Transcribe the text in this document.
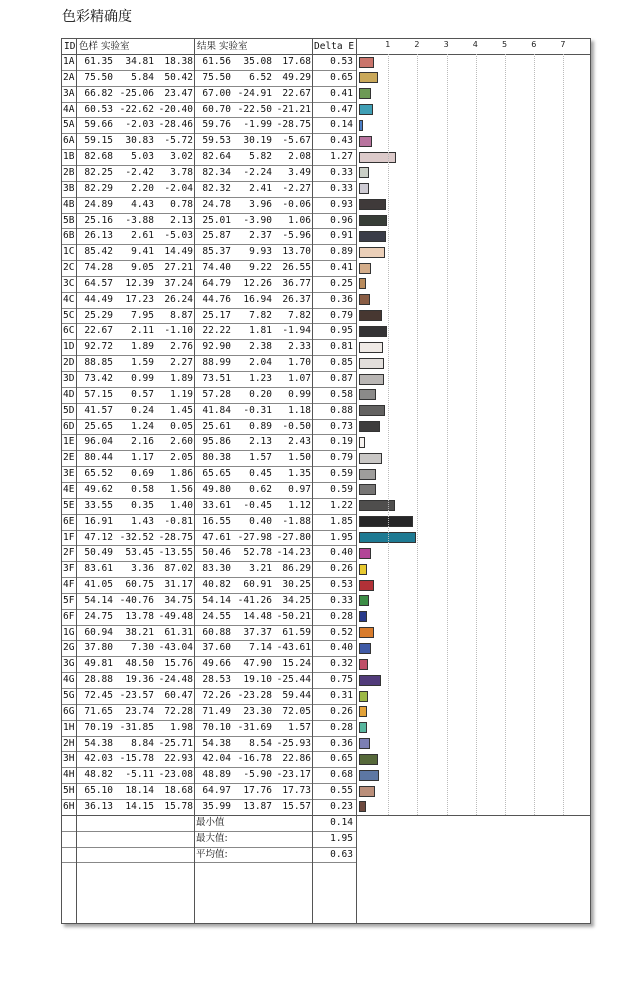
色彩精确度
ID 色样 实验室	结果 实验室	Delta E
1A	61.35	34.81	18.38 61.56	35.08	17.68	0.53
2A	75.50	5.84	50.42 75.50	6.52	49.29	0.65
3A	66.82 -25.06	23.47 67.00 -24.91	22.67	0.41
4A	60.53 -22.62 -20.40 60.70 -22.50 -21.21	0.47
5A	59.66	-2.03 -28.46 59.76	-1.99 -28.75	0.14
6A	59.15	30.83	-5.72 59.53	30.19	-5.67	0.43
1B	82.68	5.03	3.02 82.64	5.82	2.08	1.27
2B	82.25	-2.42	3.78 82.34	-2.24	3.49	0.33
3B	82.29	2.20	-2.04 82.32	2.41	-2.27	0.33
4B	24.89	4.43	0.78 24.78	3.96	-0.06	0.93
5B	25.16	-3.88	2.13 25.01	-3.90	1.06	0.96
6B	26.13	2.61	-5.03 25.87	2.37	-5.96	0.91
1C	85.42	9.41	14.49 85.37	9.93	13.70	0.89
2C	74.28	9.05	27.21 74.40	9.22	26.55	0.41
3C	64.57	12.39	37.24 64.79	12.26	36.77	0.25
4C	44.49	17.23	26.24 44.76	16.94	26.37	0.36
5C	25.29	7.95	8.87 25.17	7.82	7.82	0.79
6C	22.67	2.11	-1.10 22.22	1.81	-1.94	0.95
1D	92.72	1.89	2.76 92.90	2.38	2.33	0.81
2D	88.85	1.59	2.27 88.99	2.04	1.70	0.85
3D	73.42	0.99	1.89 73.51	1.23	1.07	0.87
4D	57.15	0.57	1.19 57.28	0.20	0.99	0.58
5D	41.57	0.24	1.45 41.84	-0.31	1.18	0.88
6D	25.65	1.24	0.05 25.61	0.89	-0.50	0.73
1E	96.04	2.16	2.60 95.86	2.13	2.43	0.19
2E	80.44	1.17	2.05 80.38	1.57	1.50	0.79
3E	65.52	0.69	1.86 65.65	0.45	1.35	0.59
4E	49.62	0.58	1.56 49.80	0.62	0.97	0.59
5E	33.55	0.35	1.40 33.61	-0.45	1.12	1.22
6E	16.91	1.43	-0.81 16.55	0.40	-1.88	1.85
1F	47.12 -32.52 -28.75 47.61 -27.98 -27.80	1.95
2F	50.49	53.45 -13.55 50.46	52.78 -14.23	0.40
3F	83.61	3.36	87.02 83.30	3.21	86.29	0.26
4F	41.05	60.75	31.17 40.82	60.91	30.25	0.53
5F	54.14 -40.76	34.75 54.14 -41.26	34.25	0.33
6F	24.75	13.78 -49.48 24.55	14.48 -50.21	0.28
1G	60.94	38.21	61.31 60.88	37.37	61.59	0.52
2G	37.80	7.30 -43.04 37.60	7.14 -43.61	0.40
3G	49.81	48.50	15.76 49.66	47.90	15.24	0.32
4G	28.88	19.36 -24.48 28.53	19.10 -25.44	0.75
5G	72.45 -23.57	60.47 72.26 -23.28	59.44	0.31
6G	71.65	23.74	72.28 71.49	23.30	72.05	0.26
1H	70.19 -31.85	1.98 70.10 -31.69	1.57	0.28
2H	54.38	8.84 -25.71 54.38	8.54 -25.93	0.36
3H	42.03 -15.78	22.93 42.04 -16.78	22.86	0.65
4H	48.82	-5.11 -23.08 48.89	-5.90 -23.17	0.68
5H	65.10	18.14	18.68 64.97	17.76	17.73	0.55
6H	36.13	14.15	15.78 35.99	13.87	15.57	0.23
最小值	0.14
最大值:	1.95
平均值:	0.63
1	2	3	4	5	6	7
